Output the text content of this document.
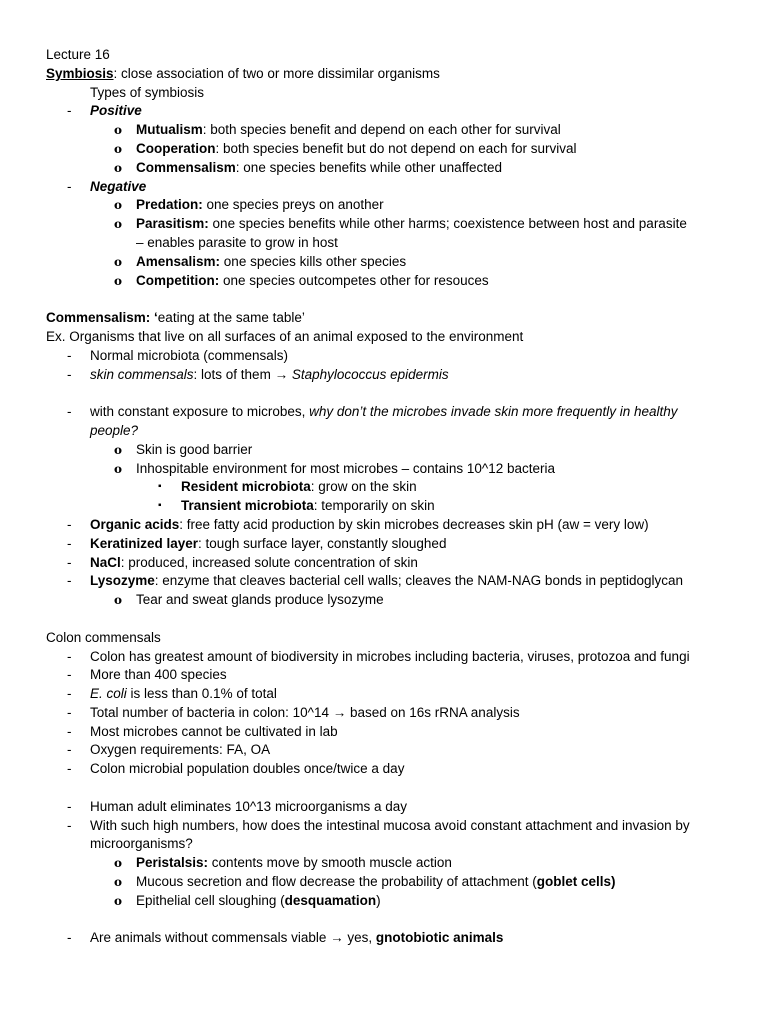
Lecture 16
Symbiosis: close association of two or more dissimilar organisms
Types of symbiosis
- Positive
o Mutualism: both species benefit and depend on each other for survival
o Cooperation: both species benefit but do not depend on each for survival
o Commensalism: one species benefits while other unaffected
- Negative
o Predation: one species preys on another
o Parasitism: one species benefits while other harms; coexistence between host and parasite – enables parasite to grow in host
o Amensalism: one species kills other species
o Competition: one species outcompetes other for resouces
Commensalism: ‘eating at the same table’
Ex. Organisms that live on all surfaces of an animal exposed to the environment
- Normal microbiota (commensals)
- skin commensals: lots of them → Staphylococcus epidermis
- with constant exposure to microbes, why don’t the microbes invade skin more frequently in healthy people?
o Skin is good barrier
o Inhospitable environment for most microbes – contains 10^12 bacteria
▪ Resident microbiota: grow on the skin
▪ Transient microbiota: temporarily on skin
- Organic acids: free fatty acid production by skin microbes decreases skin pH (aw = very low)
- Keratinized layer: tough surface layer, constantly sloughed
- NaCl: produced, increased solute concentration of skin
- Lysozyme: enzyme that cleaves bacterial cell walls; cleaves the NAM-NAG bonds in peptidoglycan
o Tear and sweat glands produce lysozyme
Colon commensals
- Colon has greatest amount of biodiversity in microbes including bacteria, viruses, protozoa and fungi
- More than 400 species
- E. coli is less than 0.1% of total
- Total number of bacteria in colon: 10^14 → based on 16s rRNA analysis
- Most microbes cannot be cultivated in lab
- Oxygen requirements: FA, OA
- Colon microbial population doubles once/twice a day
- Human adult eliminates 10^13 microorganisms a day
- With such high numbers, how does the intestinal mucosa avoid constant attachment and invasion by microorganisms?
o Peristalsis: contents move by smooth muscle action
o Mucous secretion and flow decrease the probability of attachment (goblet cells)
o Epithelial cell sloughing (desquamation)
- Are animals without commensals viable → yes, gnotobiotic animals
